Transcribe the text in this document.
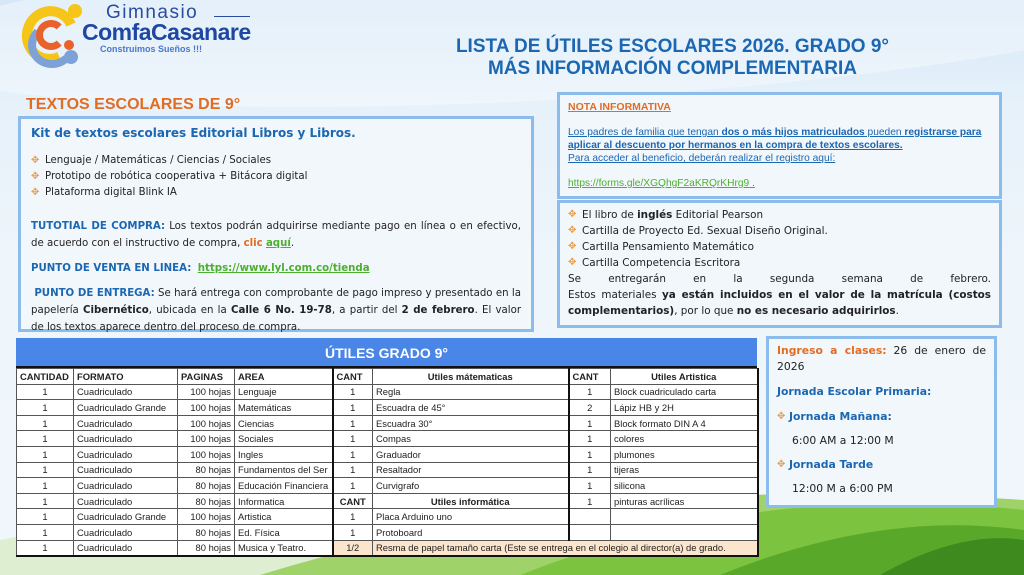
Gimnasio
ComfaCasanare
Construimos Sueños !!!	LISTA DE ÚTILES ESCOLARES 2026. GRADO 9°
MÁS INFORMACIÓN COMPLEMENTARIA
TEXTOS ESCOLARES DE 9°
Kit de textos escolares Editorial Libros y Libros.
✥ Lenguaje / Matemáticas / Ciencias / Sociales
✥ Prototipo de robótica cooperativa + Bitácora digital
✥ Plataforma digital Blink IA
TUTOTIAL DE COMPRA: Los textos podrán adquirirse mediante pago en línea o en efectivo, de acuerdo con el instructivo de compra, clic aquí.
PUNTO DE VENTA EN LINEA: https://www.lyl.com.co/tienda
PUNTO DE ENTREGA: Se hará entrega con comprobante de pago impreso y presentado en la papelería Cibernético, ubicada en la Calle 6 No. 19-78, a partir del 2 de febrero. El valor de los textos aparece dentro del proceso de compra.
NOTA INFORMATIVA
Los padres de familia que tengan dos o más hijos matriculados pueden registrarse para aplicar al descuento por hermanos en la compra de textos escolares.
Para acceder al beneficio, deberán realizar el registro aquí:
https://forms.gle/XGQhgF2aKRQrKHrg9 .
✥ El libro de inglés Editorial Pearson
✥ Cartilla de Proyecto Ed. Sexual Diseño Original.
✥ Cartilla Pensamiento Matemático
✥ Cartilla Competencia Escritora
Se entregarán en la segunda semana de febrero.
Estos materiales ya están incluidos en el valor de la matrícula (costos complementarios), por lo que no es necesario adquirirlos.
ÚTILES GRADO 9°
CANTIDAD	FORMATO	PAGINAS	AREA	CANT	Utiles mátematicas	CANT	Utiles Artistica
1	Cuadriculado	100 hojas	Lenguaje	1	Regla	1	Block cuadriculado carta
1	Cuadriculado Grande	100 hojas	Matemáticas	1	Escuadra de 45°	2	Lápiz HB y 2H
1	Cuadriculado	100 hojas	Ciencias	1	Escuadra 30°	1	Block formato DIN A 4
1	Cuadriculado	100 hojas	Sociales	1	Compas	1	colores
1	Cuadriculado	100 hojas	Ingles	1	Graduador	1	plumones
1	Cuadriculado	80 hojas	Fundamentos del Ser	1	Resaltador	1	tijeras
1	Cuadriculado	80 hojas	Educación Financiera	1	Curvigrafo	1	silicona
1	Cuadriculado	80 hojas	Informatica	CANT	Utiles informática	1	pinturas acrílicas
1	Cuadriculado Grande	100 hojas	Artistica	1	Placa Arduino uno		
1	Cuadriculado	80 hojas	Ed. Física	1	Protoboard		
1	Cuadriculado	80 hojas	Musica y Teatro.	1/2	Resma de papel tamaño carta (Este se entrega en el colegio al director(a) de grado.		
Ingreso a clases: 26 de enero de 2026
Jornada Escolar Primaria:
✥ Jornada Mañana:
6:00 AM a 12:00 M
✥ Jornada Tarde
12:00 M a 6:00 PM
